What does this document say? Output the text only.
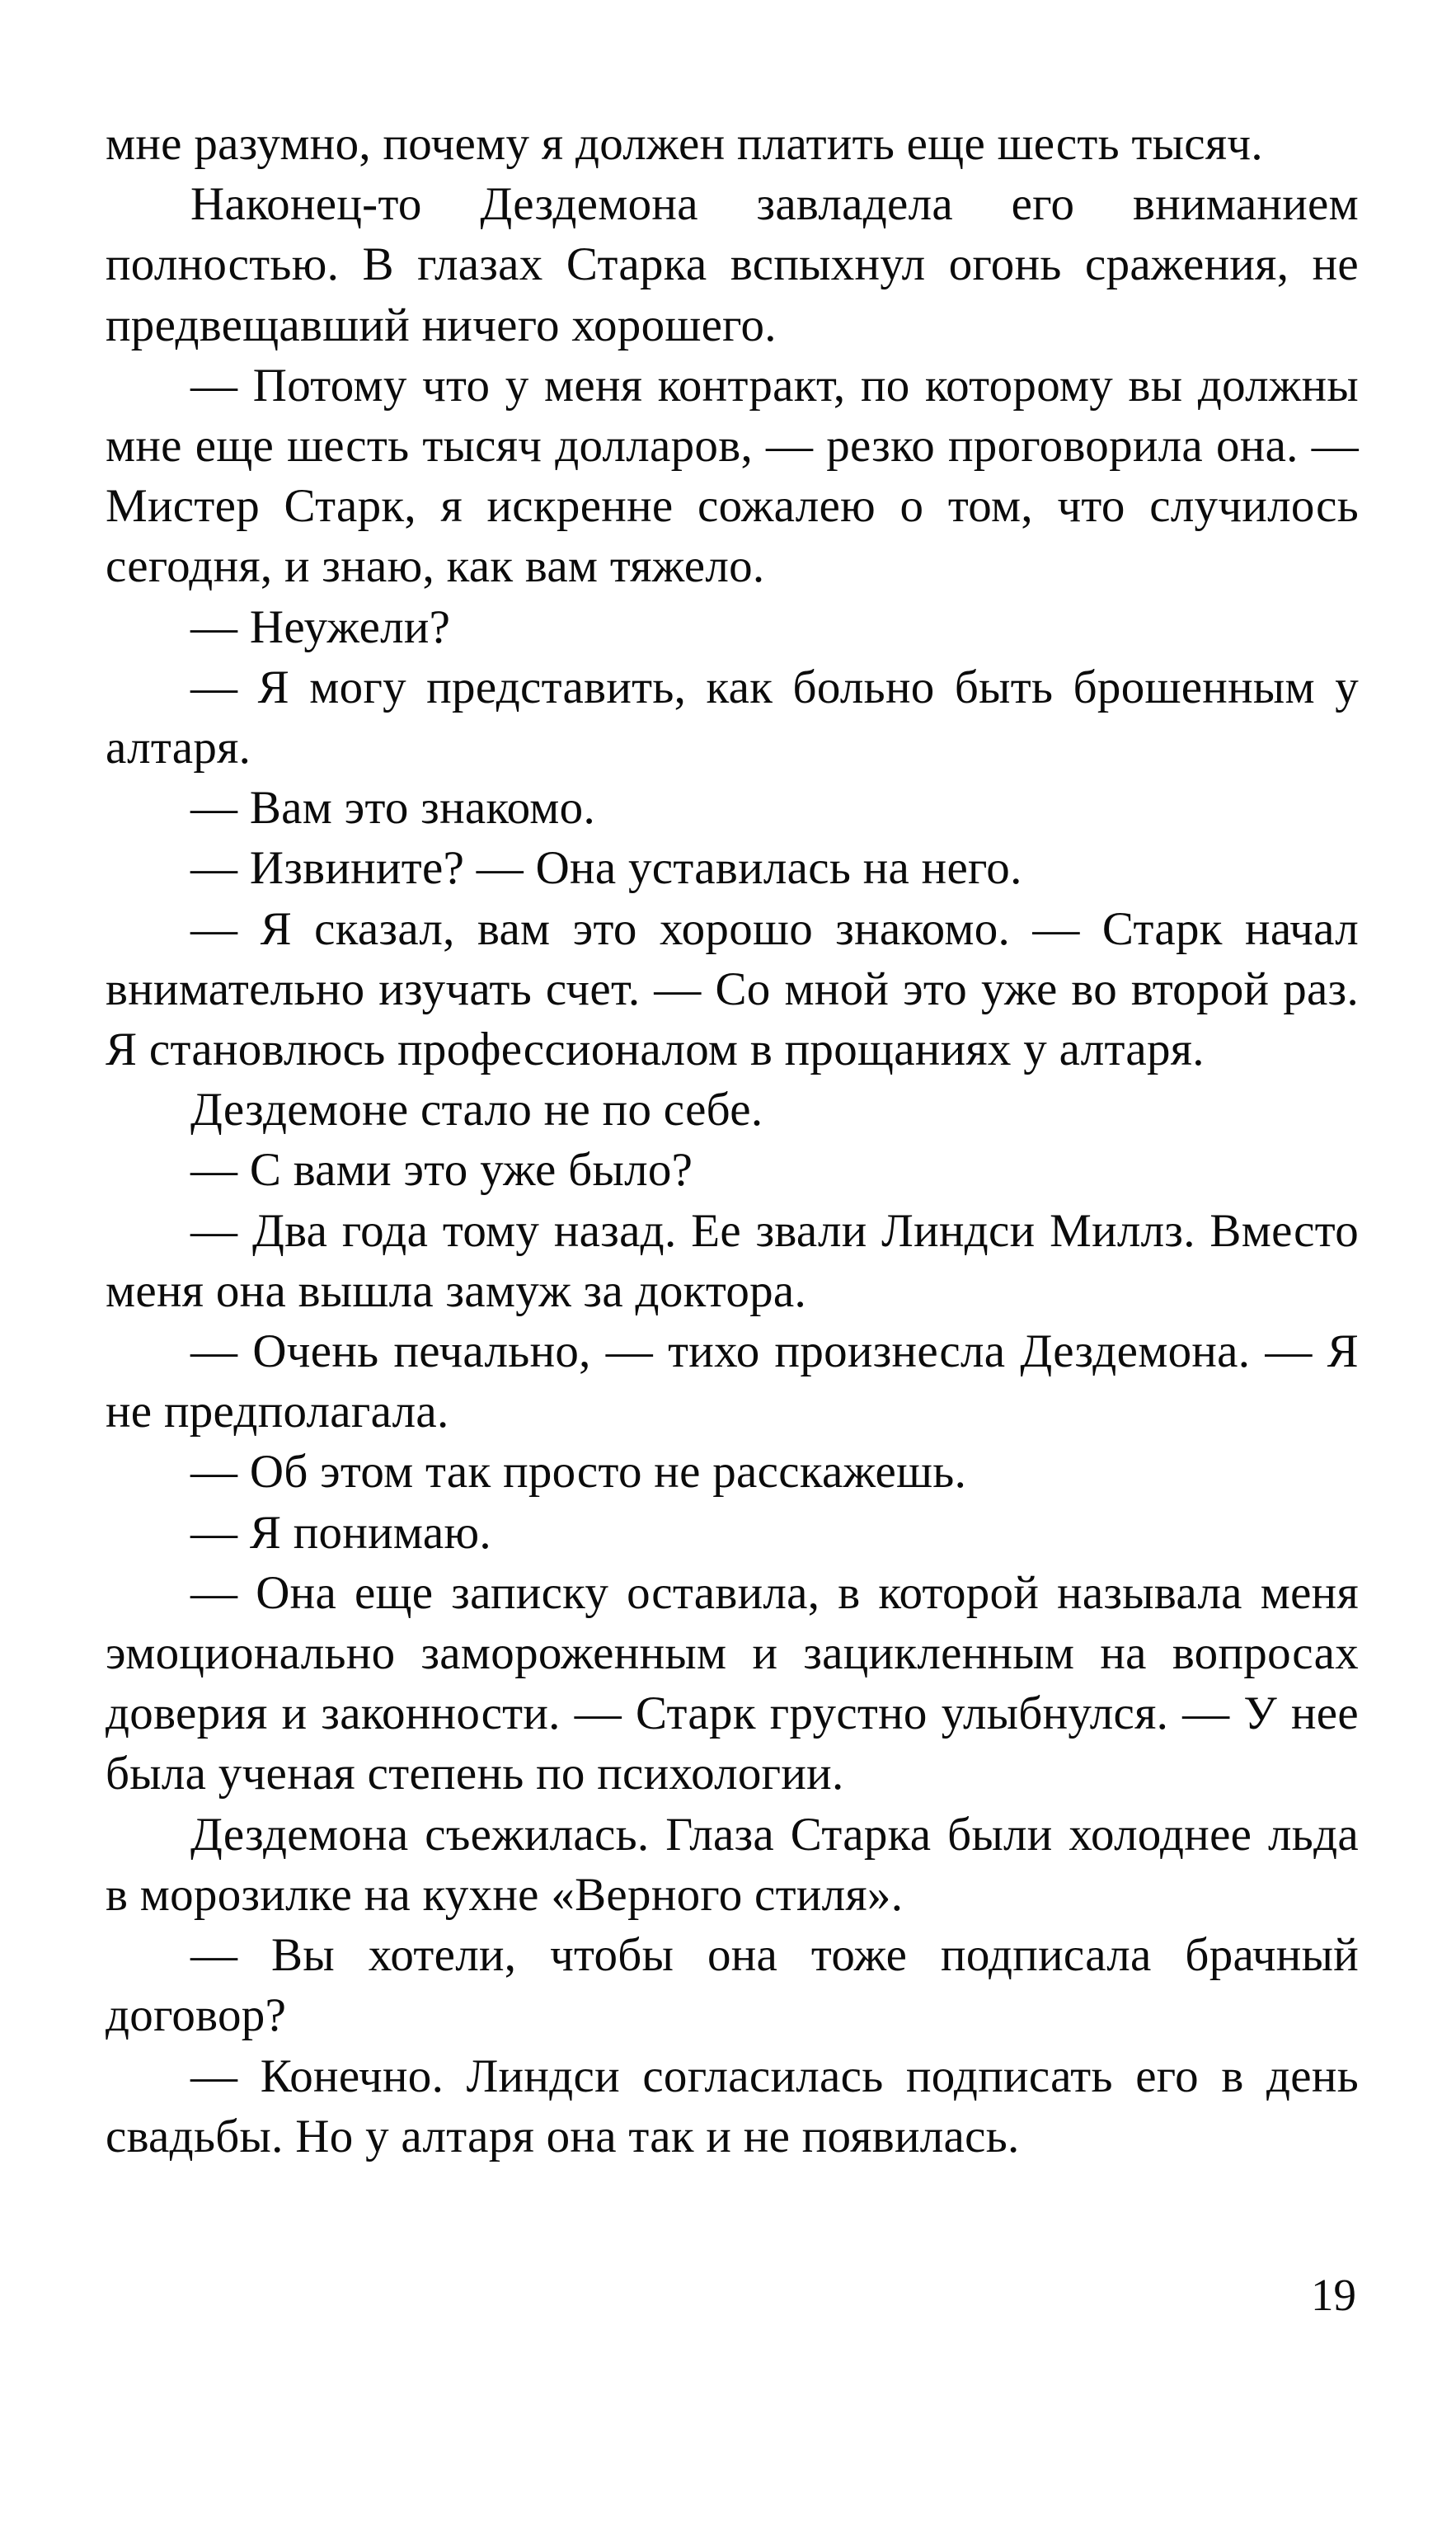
мне разумно, почему я должен платить еще шесть тысяч.

Наконец-то Дездемона завладела его вниманием полностью. В глазах Старка вспыхнул огонь сражения, не предвещавший ничего хорошего.

— Потому что у меня контракт, по которому вы должны мне еще шесть тысяч долларов, — резко проговорила она. — Мистер Старк, я искренне сожалею о том, что случилось сегодня, и знаю, как вам тяжело.

— Неужели?

— Я могу представить, как больно быть брошенным у алтаря.

— Вам это знакомо.

— Извините? — Она уставилась на него.

— Я сказал, вам это хорошо знакомо. — Старк начал внимательно изучать счет. — Со мной это уже во второй раз. Я становлюсь профессионалом в прощаниях у алтаря.

Дездемоне стало не по себе.

— С вами это уже было?

— Два года тому назад. Ее звали Линдси Миллз. Вместо меня она вышла замуж за доктора.

— Очень печально, — тихо произнесла Дездемона. — Я не предполагала.

— Об этом так просто не расскажешь.

— Я понимаю.

— Она еще записку оставила, в которой называла меня эмоционально замороженным и зацикленным на вопросах доверия и законности. — Старк грустно улыбнулся. — У нее была ученая степень по психологии.

Дездемона съежилась. Глаза Старка были холоднее льда в морозилке на кухне «Верного стиля».

— Вы хотели, чтобы она тоже подписала брачный договор?

— Конечно. Линдси согласилась подписать его в день свадьбы. Но у алтаря она так и не появилась.

19
